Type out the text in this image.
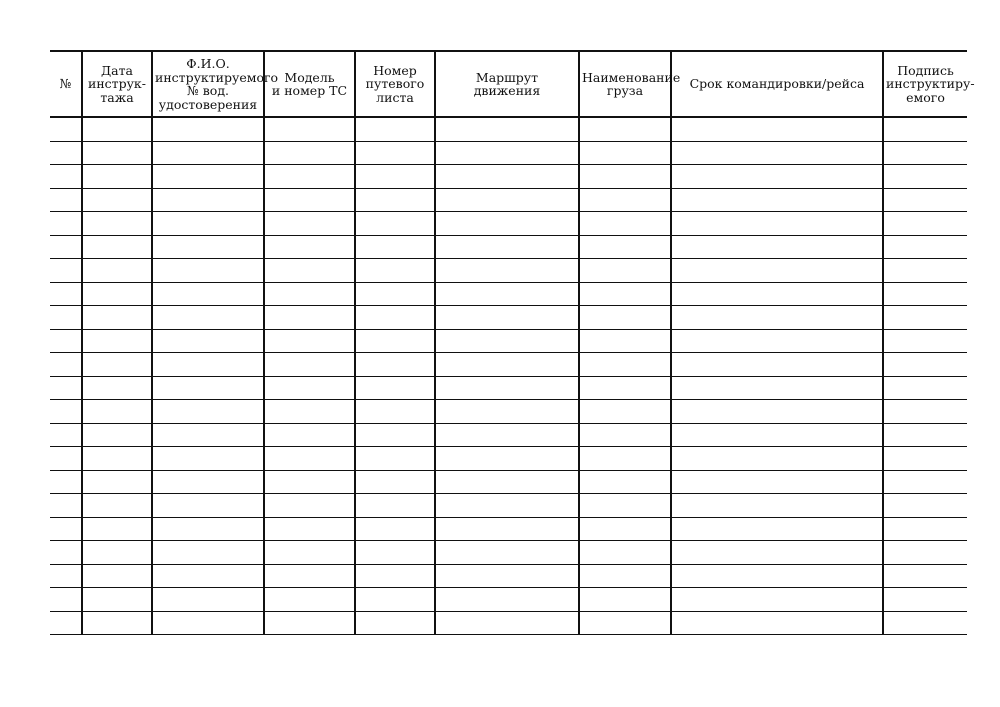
№	Дата
инструк-
тажа	Ф.И.О.
инструктируемого
№ вод.
удостоверения	Модель
и номер ТС	Номер
путевого
листа	Маршрут
движения	Наименование
груза	Срок командировки/рейса	Подпись
инструктиру-
емого
